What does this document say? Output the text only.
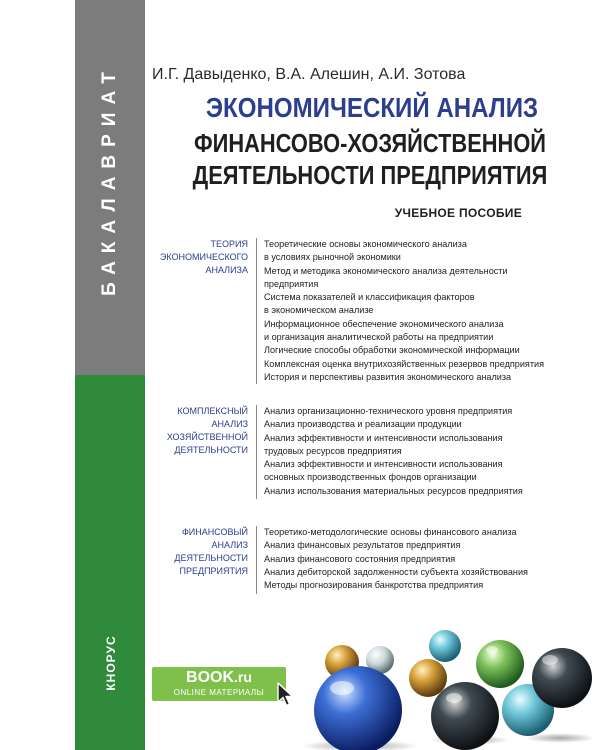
БАКАЛАВРИАТ
КНОРУС
И.Г. Давыденко, В.А. Алешин, А.И. Зотова
ЭКОНОМИЧЕСКИЙ АНАЛИЗ
ФИНАНСОВО-ХОЗЯЙСТВЕННОЙ
ДЕЯТЕЛЬНОСТИ ПРЕДПРИЯТИЯ
УЧЕБНОЕ ПОСОБИЕ
ТЕОРИЯ
ЭКОНОМИЧЕСКОГО
АНАЛИЗА
Теоретические основы экономического анализа
в условиях рыночной экономики
Метод и методика экономического анализа деятельности
предприятия
Система показателей и классификация факторов
в экономическом анализе
Информационное обеспечение экономического анализа
и организация аналитической работы на предприятии
Логические способы обработки экономической информации
Комплексная оценка внутрихозяйственных резервов предприятия
История и перспективы развития экономического анализа
КОМПЛЕКСНЫЙ АНАЛИЗ
ХОЗЯЙСТВЕННОЙ
ДЕЯТЕЛЬНОСТИ
Анализ организационно-технического уровня предприятия
Анализ производства и реализации продукции
Анализ эффективности и интенсивности использования
трудовых ресурсов предприятия
Анализ эффективности и интенсивности использования
основных производственных фондов организации
Анализ использования материальных ресурсов предприятия
ФИНАНСОВЫЙ АНАЛИЗ
ДЕЯТЕЛЬНОСТИ
ПРЕДПРИЯТИЯ
Теоретико-методологические основы финансового анализа
Анализ финансовых результатов предприятия
Анализ финансового состояния предприятия
Анализ дебиторской задолженности субъекта хозяйствования
Методы прогнозирования банкротства предприятия
BOOK.ru
ONLINE МАТЕРИАЛЫ
